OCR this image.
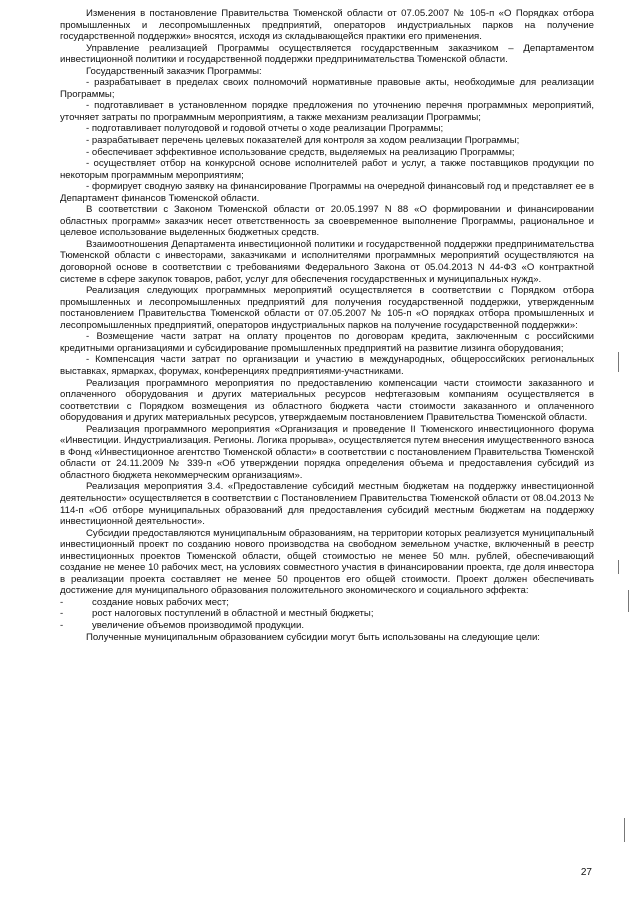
Изменения в постановление Правительства Тюменской области от 07.05.2007 № 105-п «О Порядках отбора промышленных и лесопромышленных предприятий, операторов индустриальных парков на получение государственной поддержки» вносятся, исходя из складывающейся практики его применения.

Управление реализацией Программы осуществляется государственным заказчиком – Департаментом инвестиционной политики и государственной поддержки предпринимательства Тюменской области.

Государственный заказчик Программы:

- разрабатывает в пределах своих полномочий нормативные правовые акты, необходимые для реализации Программы;

- подготавливает в установленном порядке предложения по уточнению перечня программных мероприятий, уточняет затраты по программным мероприятиям, а также механизм реализации Программы;

- подготавливает полугодовой и годовой отчеты о ходе реализации Программы;

- разрабатывает перечень целевых показателей для контроля за ходом реализации Программы;

- обеспечивает эффективное использование средств, выделяемых на реализацию Программы;

- осуществляет отбор на конкурсной основе исполнителей работ и услуг, а также поставщиков продукции по некоторым программным мероприятиям;

- формирует сводную заявку на финансирование Программы на очередной финансовый год и представляет ее в Департамент финансов Тюменской области.

В соответствии с Законом Тюменской области от 20.05.1997 N 88 «О формировании и финансировании областных программ» заказчик несет ответственность за своевременное выполнение Программы, рациональное и целевое использование выделенных бюджетных средств.

Взаимоотношения Департамента инвестиционной политики и государственной поддержки предпринимательства Тюменской области с инвесторами, заказчиками и исполнителями программных мероприятий осуществляются на договорной основе в соответствии с требованиями Федерального Закона от 05.04.2013 N 44-ФЗ «О контрактной системе в сфере закупок товаров, работ, услуг для обеспечения государственных и муниципальных нужд».

Реализация следующих программных мероприятий осуществляется в соответствии с Порядком отбора промышленных и лесопромышленных предприятий для получения государственной поддержки, утвержденным постановлением Правительства Тюменской области от 07.05.2007 № 105-п «О порядках отбора промышленных и лесопромышленных предприятий, операторов индустриальных парков на получение государственной поддержки»:

- Возмещение части затрат на оплату процентов по договорам кредита, заключенным с российскими кредитными организациями и субсидирование промышленных предприятий на развитие лизинга оборудования;

- Компенсация части затрат по организации и участию в международных, общероссийских региональных выставках, ярмарках, форумах, конференциях предприятиями-участниками.

Реализация программного мероприятия по предоставлению компенсации части стоимости заказанного и оплаченного оборудования и других материальных ресурсов нефтегазовым компаниям осуществляется в соответствии с Порядком возмещения из областного бюджета части стоимости заказанного и оплаченного оборудования и других материальных ресурсов, утверждаемым постановлением Правительства Тюменской области.

Реализация программного мероприятия «Организация и проведение II Тюменского инвестиционного форума «Инвестиции. Индустриализация. Регионы. Логика прорыва», осуществляется путем внесения имущественного взноса в Фонд «Инвестиционное агентство Тюменской области» в соответствии с постановлением Правительства Тюменской области от 24.11.2009 № 339-п «Об утверждении порядка определения объема и предоставления субсидий из областного бюджета некоммерческим организациям».

Реализация мероприятия 3.4. «Предоставление субсидий местным бюджетам на поддержку инвестиционной деятельности» осуществляется в соответствии с Постановлением Правительства Тюменской области от 08.04.2013 № 114-п «Об отборе муниципальных образований для предоставления субсидий местным бюджетам на поддержку инвестиционной деятельности».

Субсидии предоставляются муниципальным образованиям, на территории которых реализуется муниципальный инвестиционный проект по созданию нового производства на свободном земельном участке, включенный в реестр инвестиционных проектов Тюменской области, общей стоимостью не менее 50 млн. рублей, обеспечивающий создание не менее 10 рабочих мест, на условиях совместного участия в финансировании проекта, где доля инвестора в реализации проекта составляет не менее 50 процентов его общей стоимости. Проект должен обеспечивать достижение для муниципального образования положительного экономического и социального эффекта:

-	создание новых рабочих мест;

-	рост налоговых поступлений в областной и местный бюджеты;

-	увеличение объемов производимой продукции.

Полученные муниципальным образованием субсидии могут быть использованы на следующие цели:

27
